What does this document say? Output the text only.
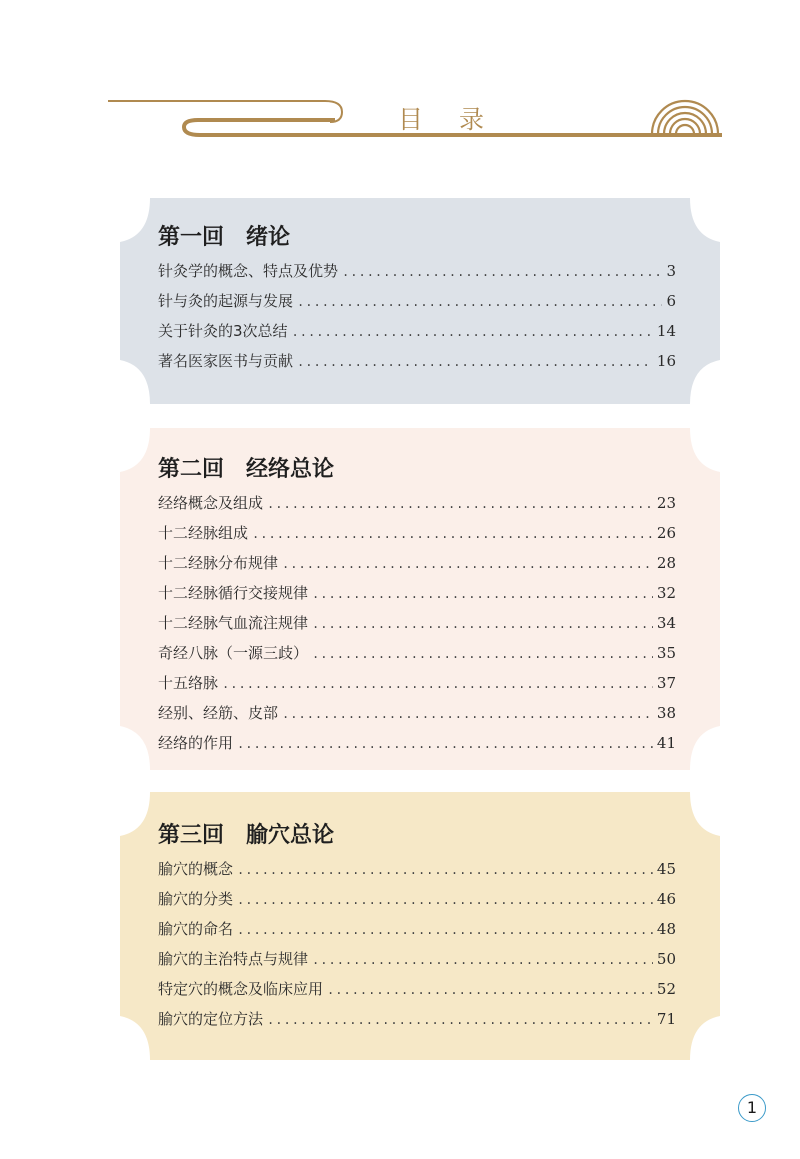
目 录
第一回　绪论
针灸学的概念、特点及优势 .....	3
针与灸的起源与发展 .....	6
关于针灸的3次总结 .....	14
著名医家医书与贡献 .....	16
第二回　经络总论
经络概念及组成 .....	23
十二经脉组成 .....	26
十二经脉分布规律 .....	28
十二经脉循行交接规律 .....	32
十二经脉气血流注规律 .....	34
奇经八脉（一源三歧） .....	35
十五络脉 .....	37
经别、经筋、皮部 .....	38
经络的作用 .....	41
第三回　腧穴总论
腧穴的概念 .....	45
腧穴的分类 .....	46
腧穴的命名 .....	48
腧穴的主治特点与规律 .....	50
特定穴的概念及临床应用 .....	52
腧穴的定位方法 .....	71
1
